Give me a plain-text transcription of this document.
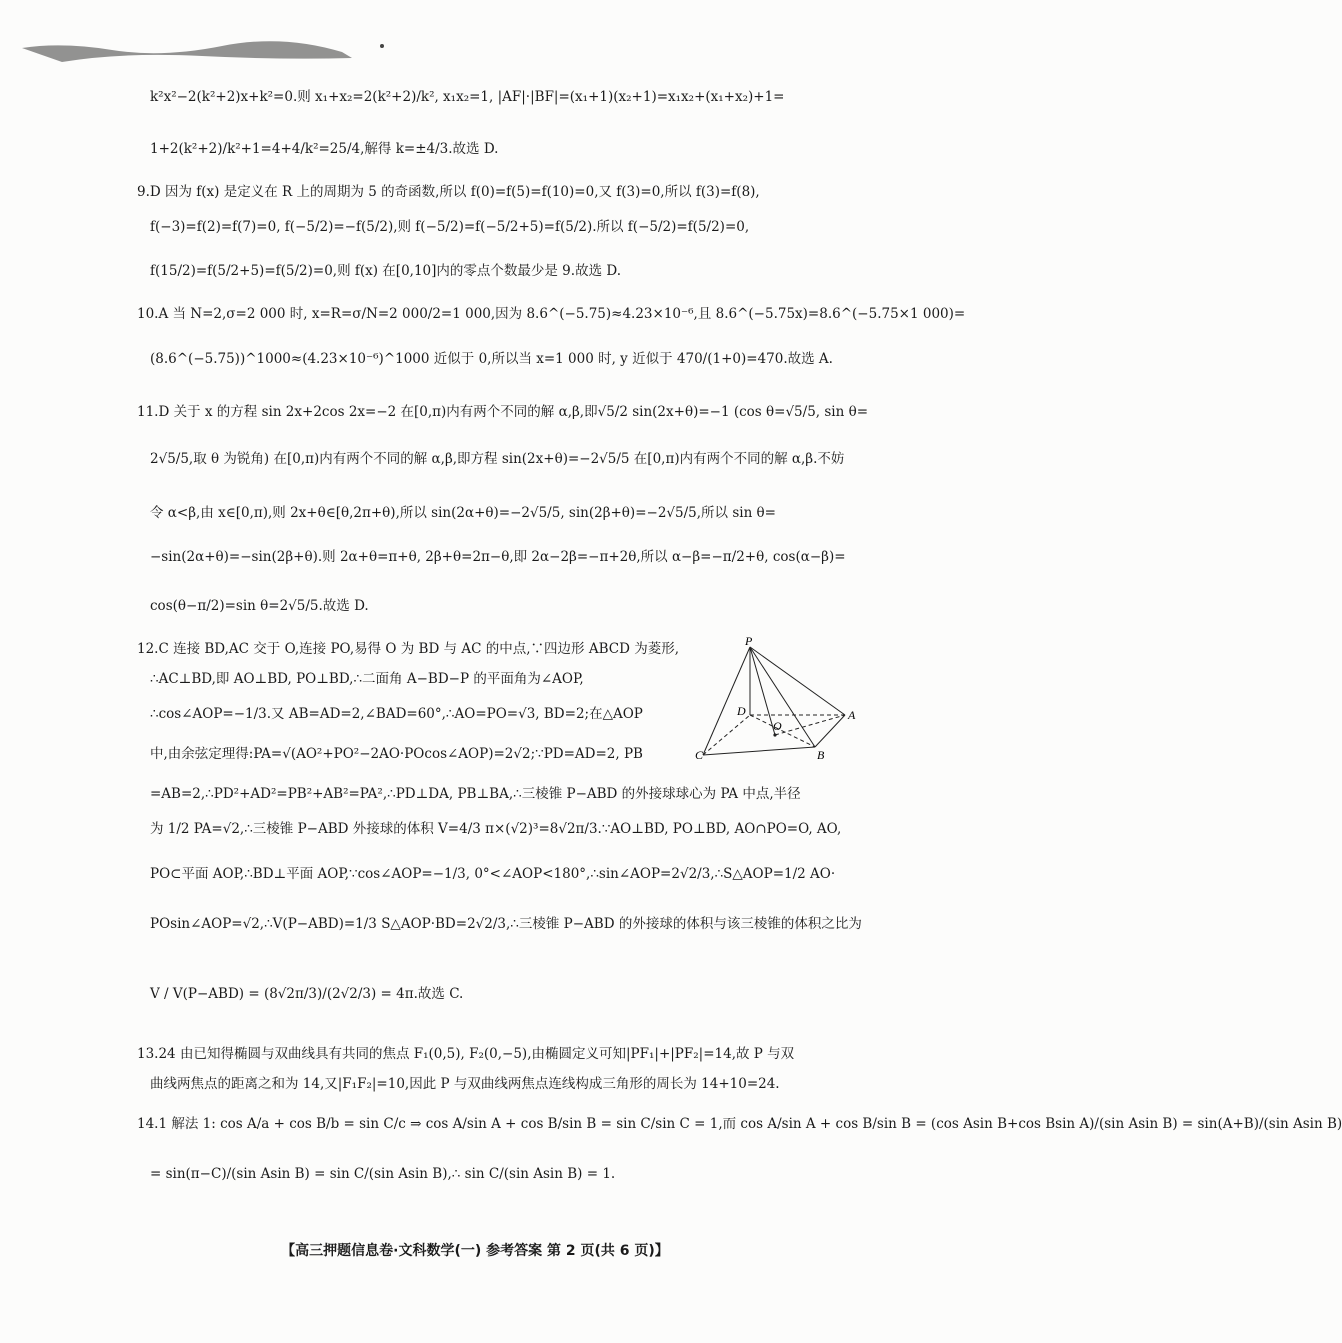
k²x²−2(k²+2)x+k²=0.则 x₁+x₂=2(k²+2)/k², x₁x₂=1, |AF|·|BF|=(x₁+1)(x₂+1)=x₁x₂+(x₁+x₂)+1=
1+2(k²+2)/k²+1=4+4/k²=25/4,解得 k=±4/3.故选 D.
9.D 因为 f(x) 是定义在 R 上的周期为 5 的奇函数,所以 f(0)=f(5)=f(10)=0,又 f(3)=0,所以 f(3)=f(8),
f(−3)=f(2)=f(7)=0, f(−5/2)=−f(5/2),则 f(−5/2)=f(−5/2+5)=f(5/2).所以 f(−5/2)=f(5/2)=0,
f(15/2)=f(5/2+5)=f(5/2)=0,则 f(x) 在[0,10]内的零点个数最少是 9.故选 D.
10.A 当 N=2,σ=2 000 时, x=R=σ/N=2 000/2=1 000,因为 8.6^(−5.75)≈4.23×10⁻⁶,且 8.6^(−5.75x)=8.6^(−5.75×1 000)=
(8.6^(−5.75))^1000≈(4.23×10⁻⁶)^1000 近似于 0,所以当 x=1 000 时, y 近似于 470/(1+0)=470.故选 A.
11.D 关于 x 的方程 sin 2x+2cos 2x=−2 在[0,π)内有两个不同的解 α,β,即√5/2 sin(2x+θ)=−1 (cos θ=√5/5, sin θ=
2√5/5,取 θ 为锐角) 在[0,π)内有两个不同的解 α,β,即方程 sin(2x+θ)=−2√5/5 在[0,π)内有两个不同的解 α,β.不妨
令 α<β,由 x∈[0,π),则 2x+θ∈[θ,2π+θ),所以 sin(2α+θ)=−2√5/5, sin(2β+θ)=−2√5/5,所以 sin θ=
−sin(2α+θ)=−sin(2β+θ).则 2α+θ=π+θ, 2β+θ=2π−θ,即 2α−2β=−π+2θ,所以 α−β=−π/2+θ, cos(α−β)=
cos(θ−π/2)=sin θ=2√5/5.故选 D.
12.C 连接 BD,AC 交于 O,连接 PO,易得 O 为 BD 与 AC 的中点,∵四边形 ABCD 为菱形,
∴AC⊥BD,即 AO⊥BD, PO⊥BD,∴二面角 A−BD−P 的平面角为∠AOP,
∴cos∠AOP=−1/3.又 AB=AD=2,∠BAD=60°,∴AO=PO=√3, BD=2;在△AOP
中,由余弦定理得:PA=√(AO²+PO²−2AO·POcos∠AOP)=2√2;∵PD=AD=2, PB
=AB=2,∴PD²+AD²=PB²+AB²=PA²,∴PD⊥DA, PB⊥BA,∴三棱锥 P−ABD 的外接球球心为 PA 中点,半径
为 1/2 PA=√2,∴三棱锥 P−ABD 外接球的体积 V=4/3 π×(√2)³=8√2π/3.∵AO⊥BD, PO⊥BD, AO∩PO=O, AO,
PO⊂平面 AOP,∴BD⊥平面 AOP,∵cos∠AOP=−1/3, 0°<∠AOP<180°,∴sin∠AOP=2√2/3,∴S△AOP=1/2 AO·
POsin∠AOP=√2,∴V(P−ABD)=1/3 S△AOP·BD=2√2/3,∴三棱锥 P−ABD 的外接球的体积与该三棱锥的体积之比为
V / V(P−ABD) = (8√2π/3)/(2√2/3) = 4π.故选 C.
13.24 由已知得椭圆与双曲线具有共同的焦点 F₁(0,5), F₂(0,−5),由椭圆定义可知|PF₁|+|PF₂|=14,故 P 与双
曲线两焦点的距离之和为 14,又|F₁F₂|=10,因此 P 与双曲线两焦点连线构成三角形的周长为 14+10=24.
14.1 解法 1: cos A/a + cos B/b = sin C/c ⇒ cos A/sin A + cos B/sin B = sin C/sin C = 1,而 cos A/sin A + cos B/sin B = (cos Asin B+cos Bsin A)/(sin Asin B) = sin(A+B)/(sin Asin B)
= sin(π−C)/(sin Asin B) = sin C/(sin Asin B),∴ sin C/(sin Asin B) = 1.
P
D	A
O
C	B
【高三押题信息卷·文科数学(一) 参考答案 第 2 页(共 6 页)】
